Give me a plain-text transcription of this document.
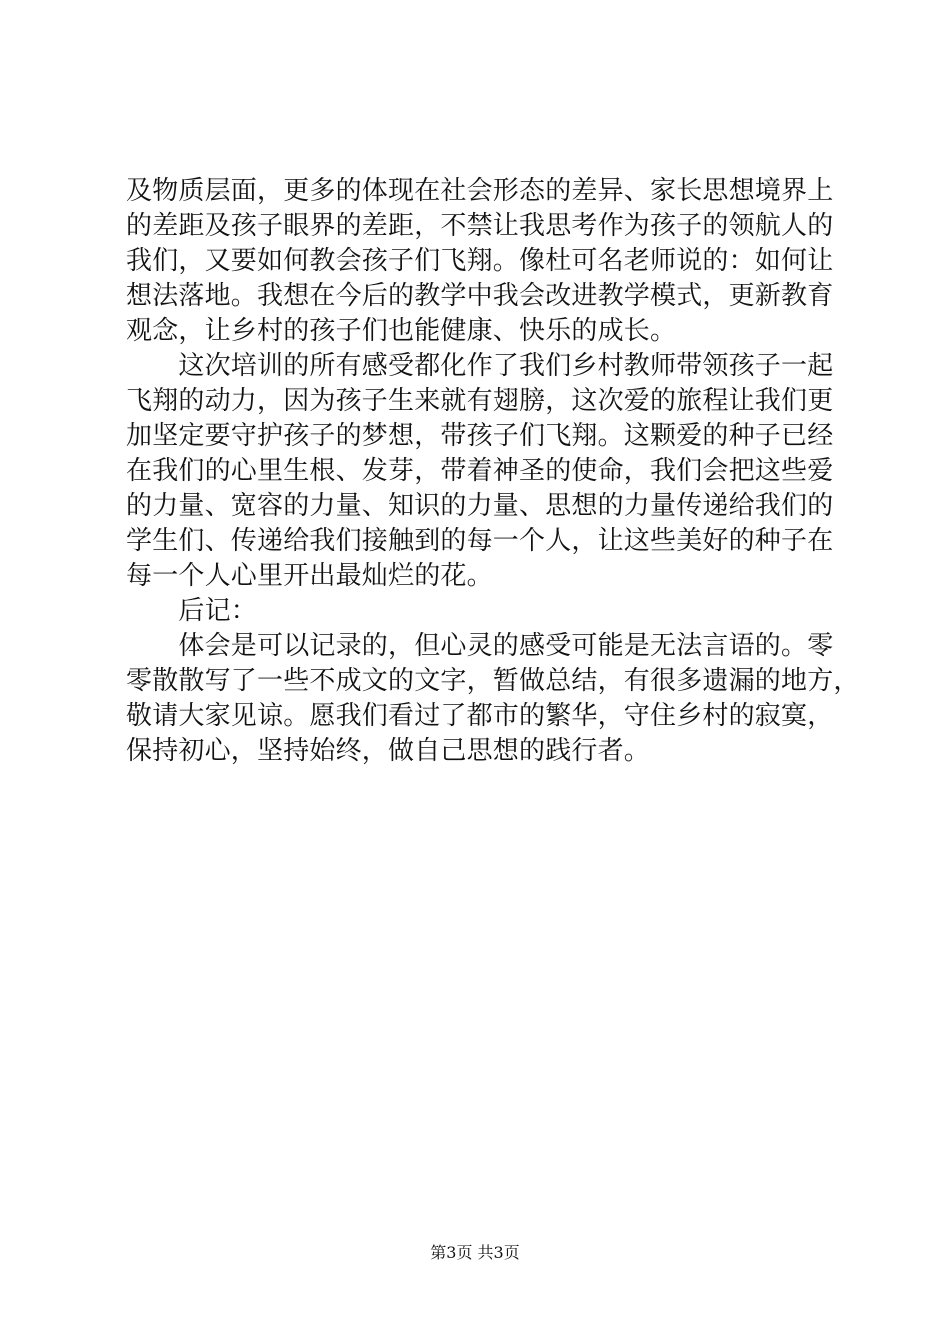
及物质层面，更多的体现在社会形态的差异、家长思想境界上
的差距及孩子眼界的差距，不禁让我思考作为孩子的领航人的
我们，又要如何教会孩子们飞翔。像杜可名老师说的：如何让
想法落地。我想在今后的教学中我会改进教学模式，更新教育
观念，让乡村的孩子们也能健康、快乐的成长。
　　这次培训的所有感受都化作了我们乡村教师带领孩子一起
飞翔的动力，因为孩子生来就有翅膀，这次爱的旅程让我们更
加坚定要守护孩子的梦想，带孩子们飞翔。这颗爱的种子已经
在我们的心里生根、发芽，带着神圣的使命，我们会把这些爱
的力量、宽容的力量、知识的力量、思想的力量传递给我们的
学生们、传递给我们接触到的每一个人，让这些美好的种子在
每一个人心里开出最灿烂的花。
　　后记：
　　体会是可以记录的，但心灵的感受可能是无法言语的。零
零散散写了一些不成文的文字，暂做总结，有很多遗漏的地方，
敬请大家见谅。愿我们看过了都市的繁华，守住乡村的寂寞，
保持初心，坚持始终，做自己思想的践行者。
第3页 共3页
